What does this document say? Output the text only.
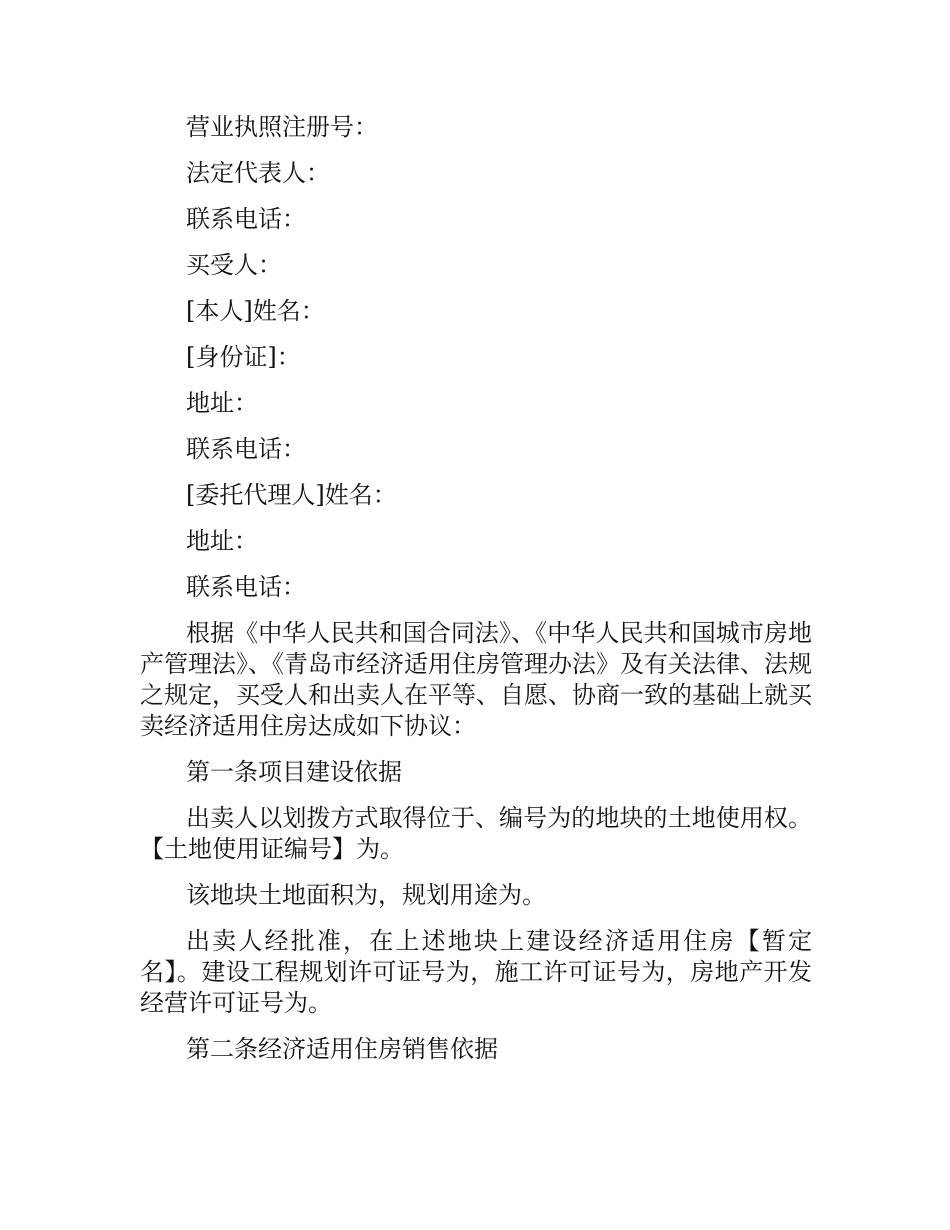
营业执照注册号：

法定代表人：

联系电话：

买受人：

[本人]姓名：

[身份证]：

地址：

联系电话：

[委托代理人]姓名：

地址：

联系电话：

根据《中华人民共和国合同法》、《中华人民共和国城市房地产管理法》、《青岛市经济适用住房管理办法》及有关法律、法规之规定，买受人和出卖人在平等、自愿、协商一致的基础上就买卖经济适用住房达成如下协议：

第一条项目建设依据

出卖人以划拨方式取得位于、编号为的地块的土地使用权。【土地使用证编号】为。

该地块土地面积为，规划用途为。

出卖人经批准，在上述地块上建设经济适用住房【暂定名】。建设工程规划许可证号为，施工许可证号为，房地产开发经营许可证号为。

第二条经济适用住房销售依据
